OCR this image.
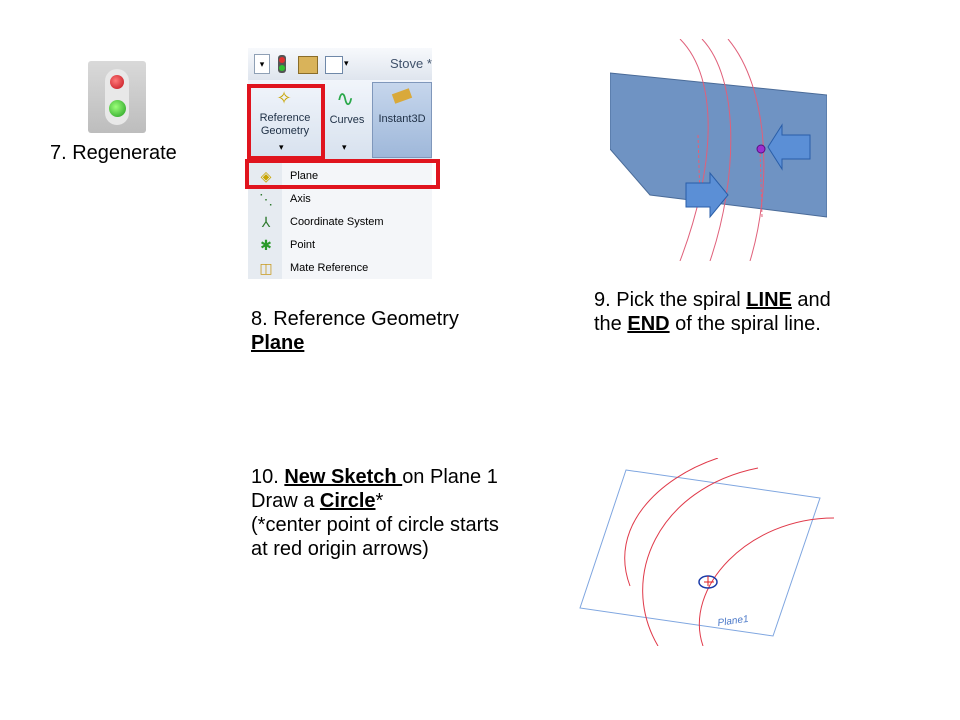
7. Regenerate
▾	▾	Stove *
✧
Reference
Geometry
▾
∿
Curves
▾
Instant3D
◈ Plane
⋱ Axis
⅄	Coordinate System
✱ Point
◫ Mate Reference
8. Reference Geometry
Plane
9. Pick the spiral LINE and
the END of the spiral line.
10. New Sketch on Plane 1
Draw a Circle*
(*center point of circle starts
at red origin arrows)
Plane1
